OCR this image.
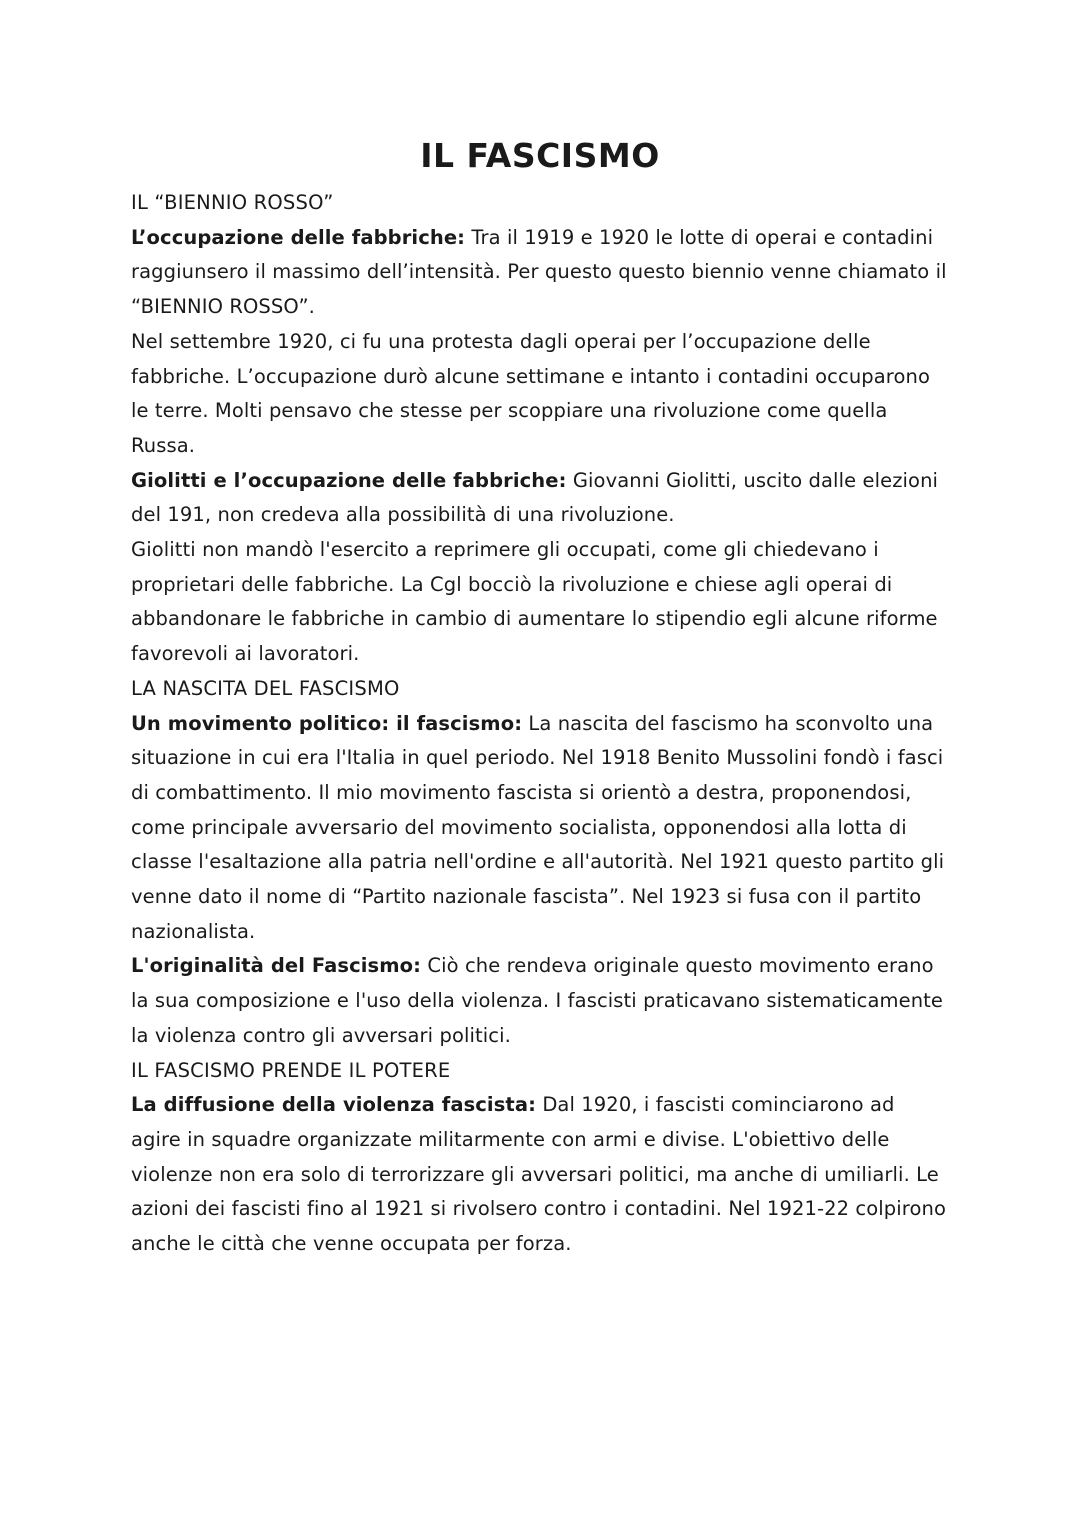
IL FASCISMO
IL “BIENNIO ROSSO”

L’occupazione delle fabbriche: Tra il 1919 e 1920 le lotte di operai e contadini raggiunsero il massimo dell’intensità. Per questo questo biennio venne chiamato il “BIENNIO ROSSO”.

Nel settembre 1920, ci fu una protesta dagli operai per l’occupazione delle fabbriche. L’occupazione durò alcune settimane e intanto i contadini occuparono le terre. Molti pensavo che stesse per scoppiare una rivoluzione come quella Russa.

Giolitti e l’occupazione delle fabbriche: Giovanni Giolitti, uscito dalle elezioni del 191, non credeva alla possibilità di una rivoluzione.

Giolitti non mandò l'esercito a reprimere gli occupati, come gli chiedevano i proprietari delle fabbriche. La Cgl bocciò la rivoluzione e chiese agli operai di abbandonare le fabbriche in cambio di aumentare lo stipendio egli alcune riforme favorevoli ai lavoratori.

LA NASCITA DEL FASCISMO

Un movimento politico: il fascismo: La nascita del fascismo ha sconvolto una situazione in cui era l'Italia in quel periodo. Nel 1918 Benito Mussolini fondò i fasci di combattimento. Il mio movimento fascista si orientò a destra, proponendosi, come principale avversario del movimento socialista, opponendosi alla lotta di classe l'esaltazione alla patria nell'ordine e all'autorità. Nel 1921 questo partito gli venne dato il nome di “Partito nazionale fascista”. Nel 1923 si fusa con il partito nazionalista.

L'originalità del Fascismo: Ciò che rendeva originale questo movimento erano la sua composizione e l'uso della violenza. I fascisti praticavano sistematicamente la violenza contro gli avversari politici.

IL FASCISMO PRENDE IL POTERE

La diffusione della violenza fascista: Dal 1920, i fascisti cominciarono ad agire in squadre organizzate militarmente con armi e divise. L'obiettivo delle violenze non era solo di terrorizzare gli avversari politici, ma anche di umiliarli. Le azioni dei fascisti fino al 1921 si rivolsero contro i contadini. Nel 1921-22 colpirono anche le città che venne occupata per forza.
